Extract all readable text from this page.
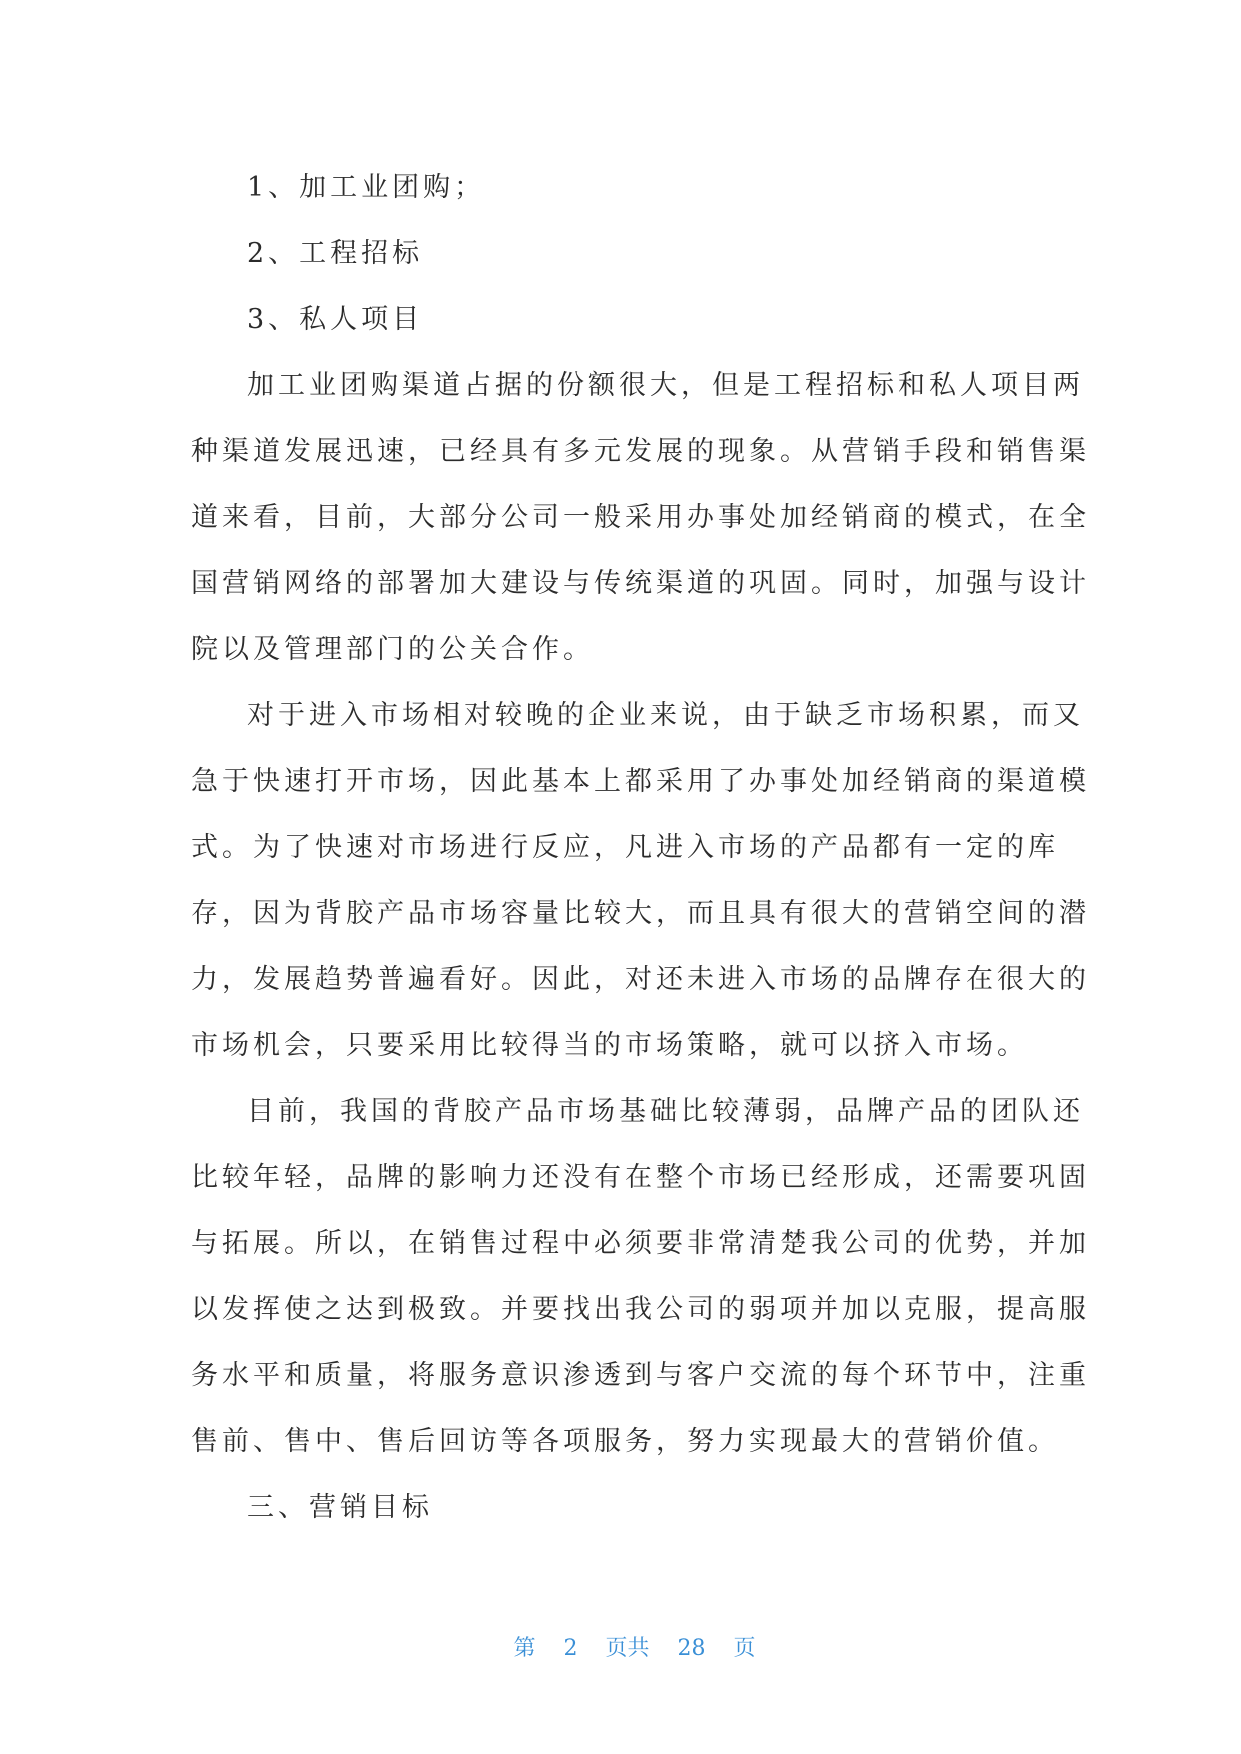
1、加工业团购；
2、工程招标
3、私人项目
加工业团购渠道占据的份额很大，但是工程招标和私人项目两
种渠道发展迅速，已经具有多元发展的现象。从营销手段和销售渠
道来看，目前，大部分公司一般采用办事处加经销商的模式，在全
国营销网络的部署加大建设与传统渠道的巩固。同时，加强与设计
院以及管理部门的公关合作。
对于进入市场相对较晚的企业来说，由于缺乏市场积累，而又
急于快速打开市场，因此基本上都采用了办事处加经销商的渠道模
式。为了快速对市场进行反应，凡进入市场的产品都有一定的库
存，因为背胶产品市场容量比较大，而且具有很大的营销空间的潜
力，发展趋势普遍看好。因此，对还未进入市场的品牌存在很大的
市场机会，只要采用比较得当的市场策略，就可以挤入市场。
目前，我国的背胶产品市场基础比较薄弱，品牌产品的团队还
比较年轻，品牌的影响力还没有在整个市场已经形成，还需要巩固
与拓展。所以，在销售过程中必须要非常清楚我公司的优势，并加
以发挥使之达到极致。并要找出我公司的弱项并加以克服，提高服
务水平和质量，将服务意识渗透到与客户交流的每个环节中，注重
售前、售中、售后回访等各项服务，努力实现最大的营销价值。
三、营销目标

第 2 页共 28 页
